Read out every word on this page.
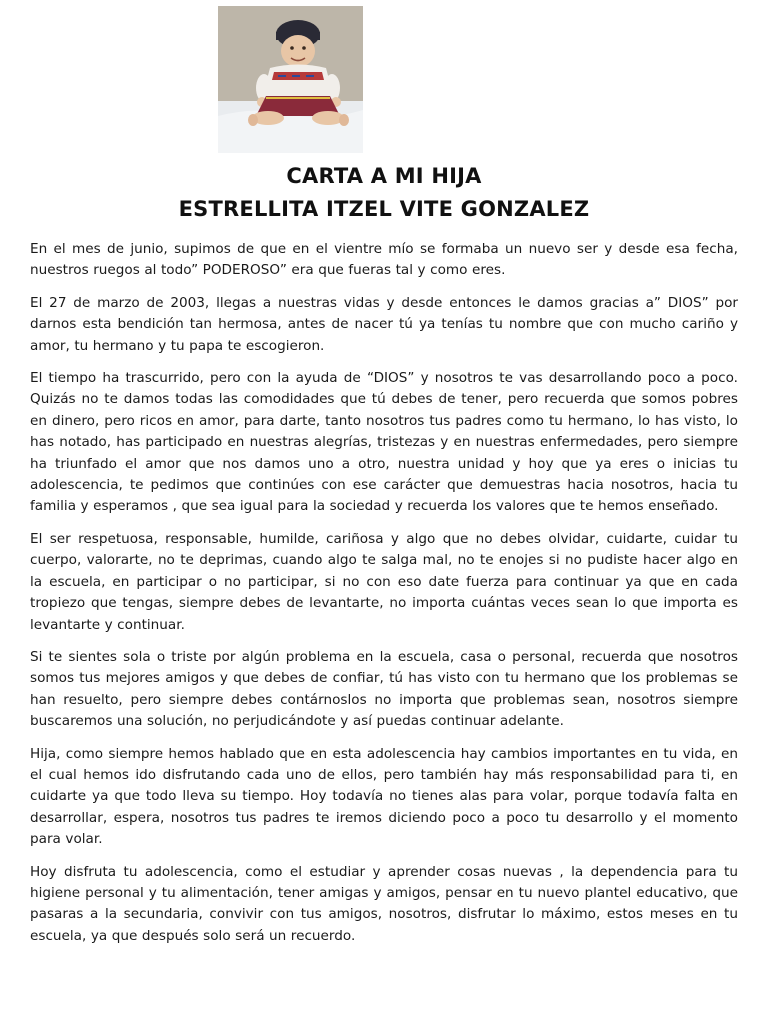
CARTA A MI HIJA
ESTRELLITA ITZEL VITE GONZALEZ

En el mes de junio, supimos de que en el vientre mío se formaba un nuevo ser y desde esa fecha, nuestros ruegos al todo” PODEROSO” era que fueras tal y como eres.

El 27 de marzo de 2003, llegas a nuestras vidas y desde entonces le damos gracias a” DIOS” por darnos esta bendición tan hermosa, antes de nacer tú ya tenías tu nombre que con mucho cariño y amor, tu hermano y tu papa te escogieron.

El tiempo ha trascurrido, pero con la ayuda de “DIOS” y nosotros te vas desarrollando poco a poco. Quizás no te damos todas las comodidades que tú debes de tener, pero recuerda que somos pobres en dinero, pero ricos en amor, para darte, tanto nosotros tus padres como tu hermano, lo has visto, lo has notado, has participado en nuestras alegrías, tristezas y en nuestras enfermedades, pero siempre ha triunfado el amor que nos damos uno a otro, nuestra unidad y hoy que ya eres o inicias tu adolescencia, te pedimos que continúes con ese carácter que demuestras hacia nosotros, hacia tu familia y esperamos , que sea igual para la sociedad y recuerda los valores que te hemos enseñado.

El ser respetuosa, responsable, humilde, cariñosa y algo que no debes olvidar, cuidarte, cuidar tu cuerpo, valorarte, no te deprimas, cuando algo te salga mal, no te enojes si no pudiste hacer algo en la escuela, en participar o no participar, si no con eso date fuerza para continuar ya que en cada tropiezo que tengas, siempre debes de levantarte, no importa cuántas veces sean lo que importa es levantarte y continuar.

Si te sientes sola o triste por algún problema en la escuela, casa o personal, recuerda que nosotros somos tus mejores amigos y que debes de confiar, tú has visto con tu hermano que los problemas se han resuelto, pero siempre debes contárnoslos no importa que problemas sean, nosotros siempre buscaremos una solución, no perjudicándote y así puedas continuar adelante.

Hija, como siempre hemos hablado que en esta adolescencia hay cambios importantes en tu vida, en el cual hemos ido disfrutando cada uno de ellos, pero también hay más responsabilidad para ti, en cuidarte ya que todo lleva su tiempo. Hoy todavía no tienes alas para volar, porque todavía falta en desarrollar, espera, nosotros tus padres te iremos diciendo poco a poco tu desarrollo y el momento para volar.

Hoy disfruta tu adolescencia, como el estudiar y aprender cosas nuevas , la dependencia para tu higiene personal y tu alimentación, tener amigas y amigos, pensar en tu nuevo plantel educativo, que pasaras a la secundaria, convivir con tus amigos, nosotros, disfrutar lo máximo, estos meses en tu escuela, ya que después solo será un recuerdo.
